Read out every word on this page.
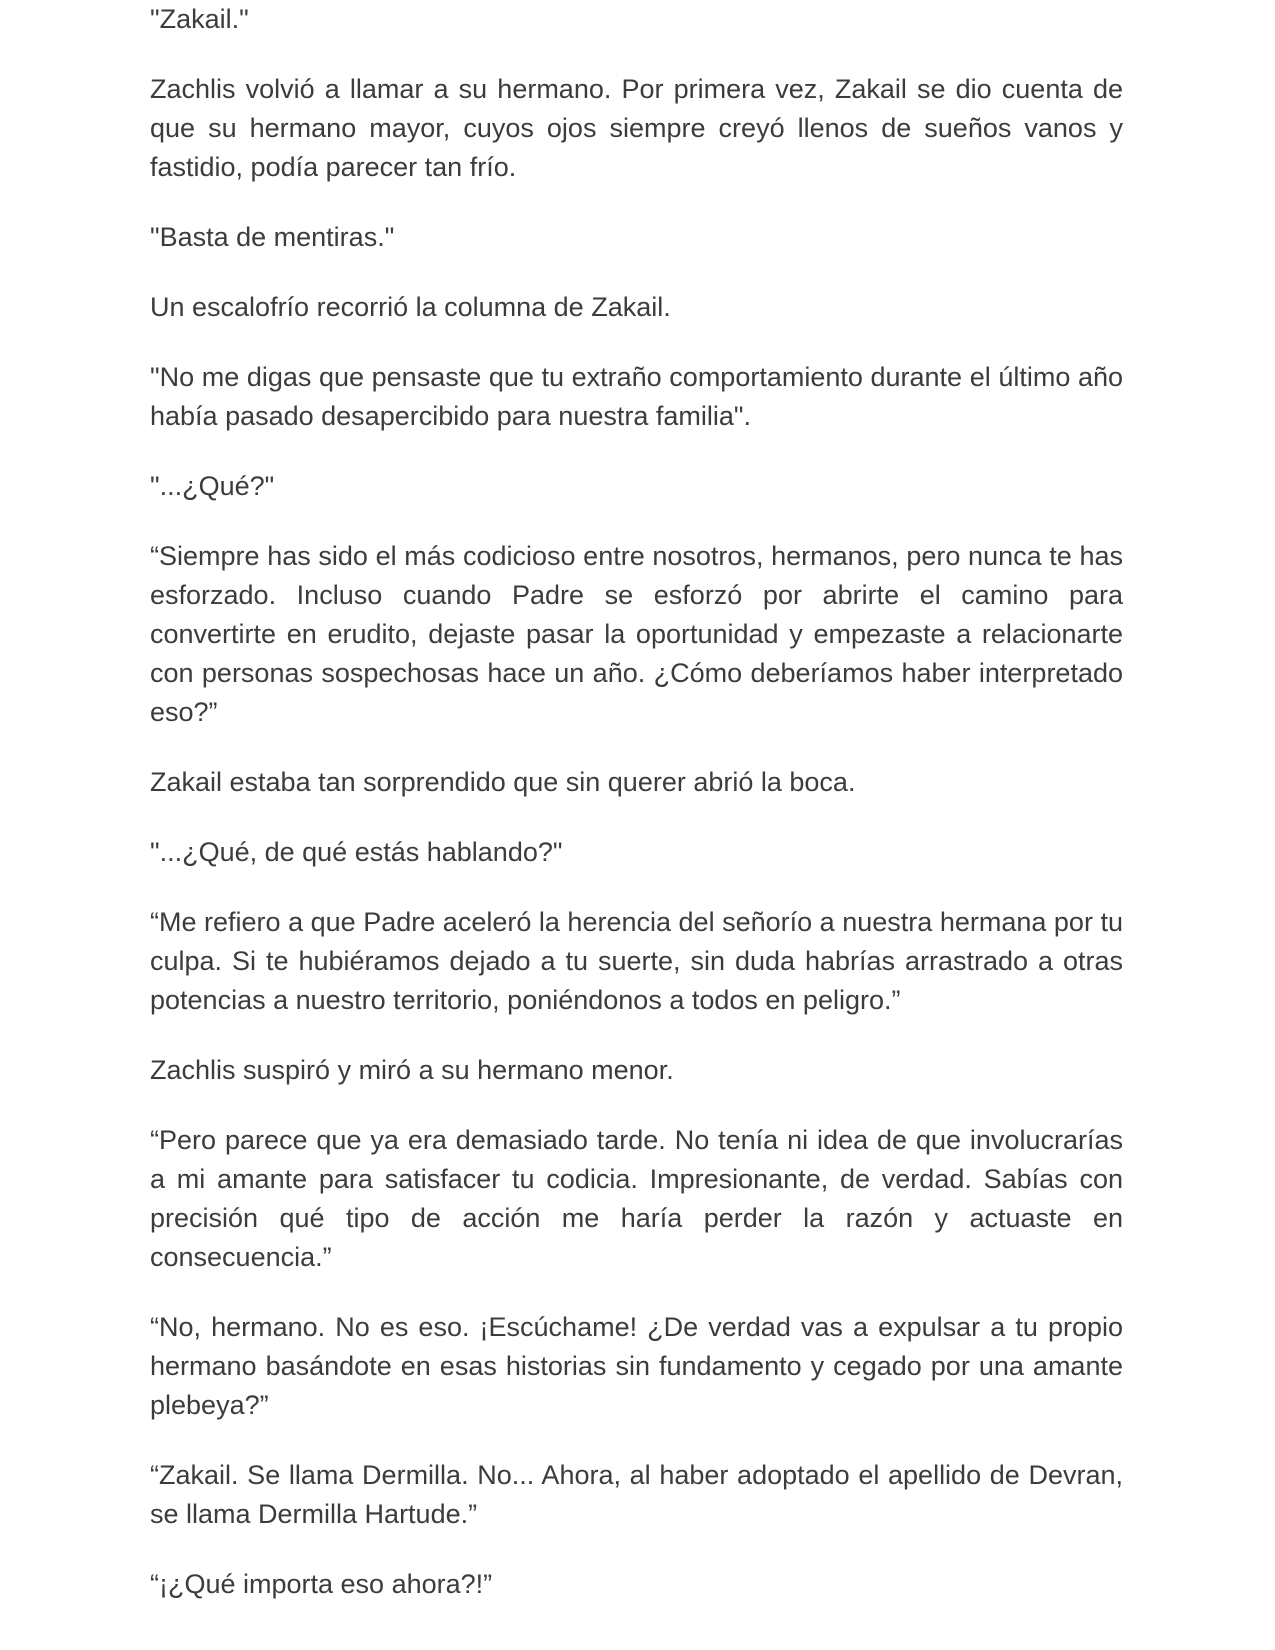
"Zakail."

Zachlis volvió a llamar a su hermano. Por primera vez, Zakail se dio cuenta de que su hermano mayor, cuyos ojos siempre creyó llenos de sueños vanos y fastidio, podía parecer tan frío.

"Basta de mentiras."

Un escalofrío recorrió la columna de Zakail.

"No me digas que pensaste que tu extraño comportamiento durante el último año había pasado desapercibido para nuestra familia".

"...¿Qué?"

“Siempre has sido el más codicioso entre nosotros, hermanos, pero nunca te has esforzado. Incluso cuando Padre se esforzó por abrirte el camino para convertirte en erudito, dejaste pasar la oportunidad y empezaste a relacionarte con personas sospechosas hace un año. ¿Cómo deberíamos haber interpretado eso?”

Zakail estaba tan sorprendido que sin querer abrió la boca.

"...¿Qué, de qué estás hablando?"

“Me refiero a que Padre aceleró la herencia del señorío a nuestra hermana por tu culpa. Si te hubiéramos dejado a tu suerte, sin duda habrías arrastrado a otras potencias a nuestro territorio, poniéndonos a todos en peligro.”

Zachlis suspiró y miró a su hermano menor.

“Pero parece que ya era demasiado tarde. No tenía ni idea de que involucrarías a mi amante para satisfacer tu codicia. Impresionante, de verdad. Sabías con precisión qué tipo de acción me haría perder la razón y actuaste en consecuencia.”

“No, hermano. No es eso. ¡Escúchame! ¿De verdad vas a expulsar a tu propio hermano basándote en esas historias sin fundamento y cegado por una amante plebeya?”

“Zakail. Se llama Dermilla. No... Ahora, al haber adoptado el apellido de Devran, se llama Dermilla Hartude.”

“¡¿Qué importa eso ahora?!”
